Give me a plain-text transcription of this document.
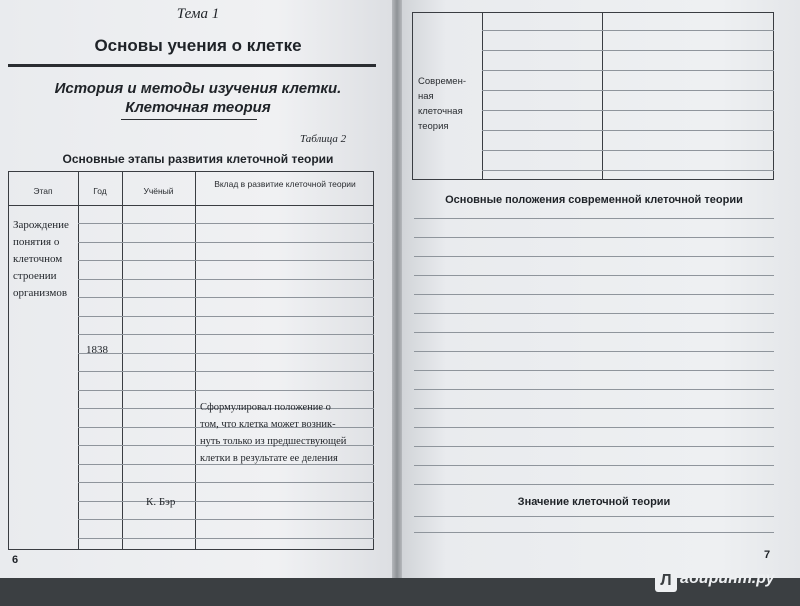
Тема 1
Основы учения о клетке
История и методы изучения клетки.
Клеточная теория
Таблица 2
Основные этапы развития клеточной теории
Этап	Год	Учёный
Вклад в развитие клеточной теории
Зарождение
понятия о
клеточном
строении
организмов
1838
Сформулировал положение о
том, что клетка может возник-
нуть только из предшествующей
клетки в результате ее деления
К. Бэр
6
Современ-
ная
клеточная
теория
Основные положения современной клеточной теории
Значение клеточной теории
7
Л абиринт.ру
